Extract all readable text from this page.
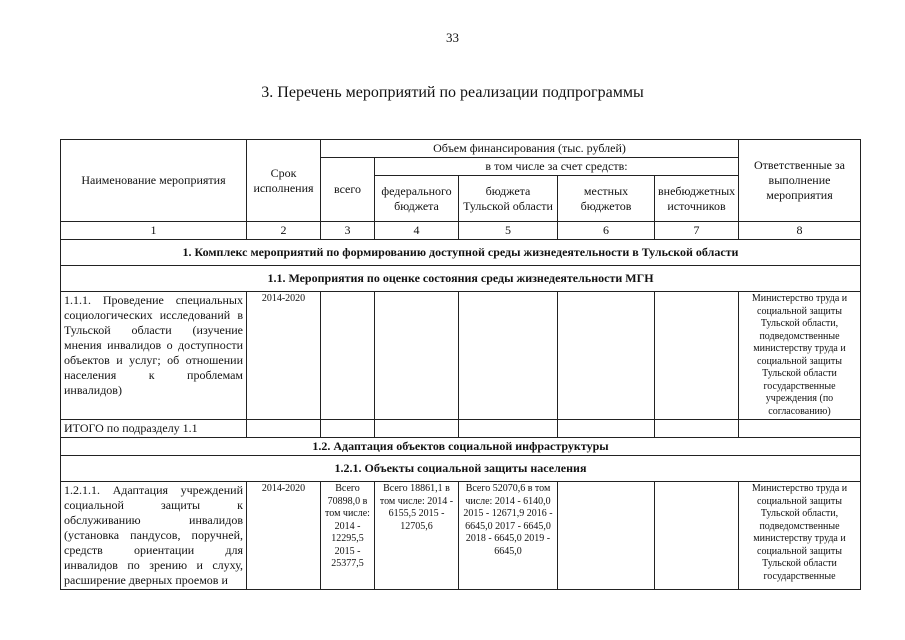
33
3. Перечень мероприятий по реализации подпрограммы
Наименование мероприятия	Срок исполнения	Объем финансирования (тыс. рублей)					Ответственные за выполнение мероприятия
		всего	в том числе за счет средств:				
			федерального бюджета	бюджета Тульской области	местных бюджетов	внебюджетных источников	
1	2	3	4	5	6	7	8
1. Комплекс мероприятий по формированию доступной среды жизнедеятельности в Тульской области							
1.1. Мероприятия по оценке состояния среды жизнедеятельности МГН							
1.1.1. Проведение специальных социологических исследований в Тульской области (изучение мнения инвалидов о доступности объектов и услуг; об отношении населения к проблемам инвалидов)	2014-2020						Министерство труда и социальной защиты Тульской области, подведомственные министерству труда и социальной защиты Тульской области государственные учреждения (по согласованию)
ИТОГО по подразделу 1.1							
1.2. Адаптация объектов социальной инфраструктуры							
1.2.1. Объекты социальной защиты населения							
1.2.1.1. Адаптация учреждений социальной защиты к обслуживанию инвалидов (установка пандусов, поручней, средств ориентации для инвалидов по зрению и слуху, расширение дверных проемов и	2014-2020	Всего 70898,0 в том числе: 2014 - 12295,5 2015 - 25377,5	Всего 18861,1 в том числе: 2014 - 6155,5 2015 - 12705,6	Всего 52070,6 в том числе: 2014 - 6140,0 2015 - 12671,9 2016 - 6645,0 2017 - 6645,0 2018 - 6645,0 2019 - 6645,0			Министерство труда и социальной защиты Тульской области, подведомственные министерству труда и социальной защиты Тульской области государственные
